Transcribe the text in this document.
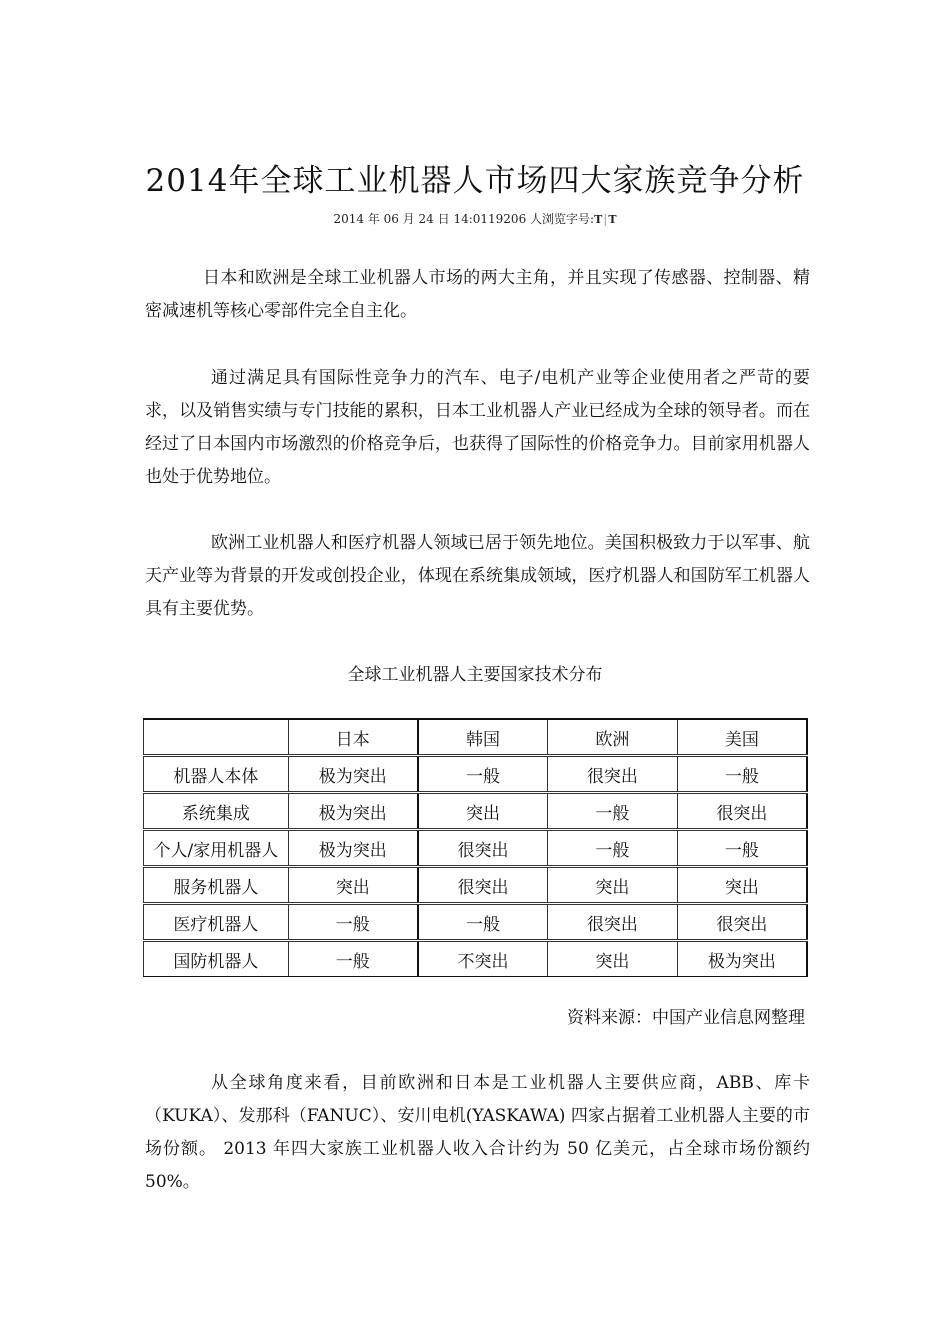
2014年全球工业机器人市场四大家族竞争分析
2014 年 06 月 24 日 14:0119206 人浏览字号:T|T

日本和欧洲是全球工业机器人市场的两大主角，并且实现了传感器、控制器、精密减速机等核心零部件完全自主化。

通过满足具有国际性竞争力的汽车、电子/电机产业等企业使用者之严苛的要求，以及销售实绩与专门技能的累积，日本工业机器人产业已经成为全球的领导者。而在经过了日本国内市场激烈的价格竞争后，也获得了国际性的价格竞争力。目前家用机器人也处于优势地位。

欧洲工业机器人和医疗机器人领域已居于领先地位。美国积极致力于以军事、航天产业等为背景的开发或创投企业，体现在系统集成领域，医疗机器人和国防军工机器人具有主要优势。

全球工业机器人主要国家技术分布
	日本	韩国	欧洲	美国
机器人本体	极为突出	一般	很突出	一般
系统集成	极为突出	突出	一般	很突出
个人/家用机器人	极为突出	很突出	一般	一般
服务机器人	突出	很突出	突出	突出
医疗机器人	一般	一般	很突出	很突出
国防机器人	一般	不突出	突出	极为突出
资料来源：中国产业信息网整理

从全球角度来看，目前欧洲和日本是工业机器人主要供应商，ABB、库卡（KUKA）、发那科（FANUC）、安川电机(YASKAWA) 四家占据着工业机器人主要的市场份额。 2013 年四大家族工业机器人收入合计约为 50 亿美元，占全球市场份额约 50%。
